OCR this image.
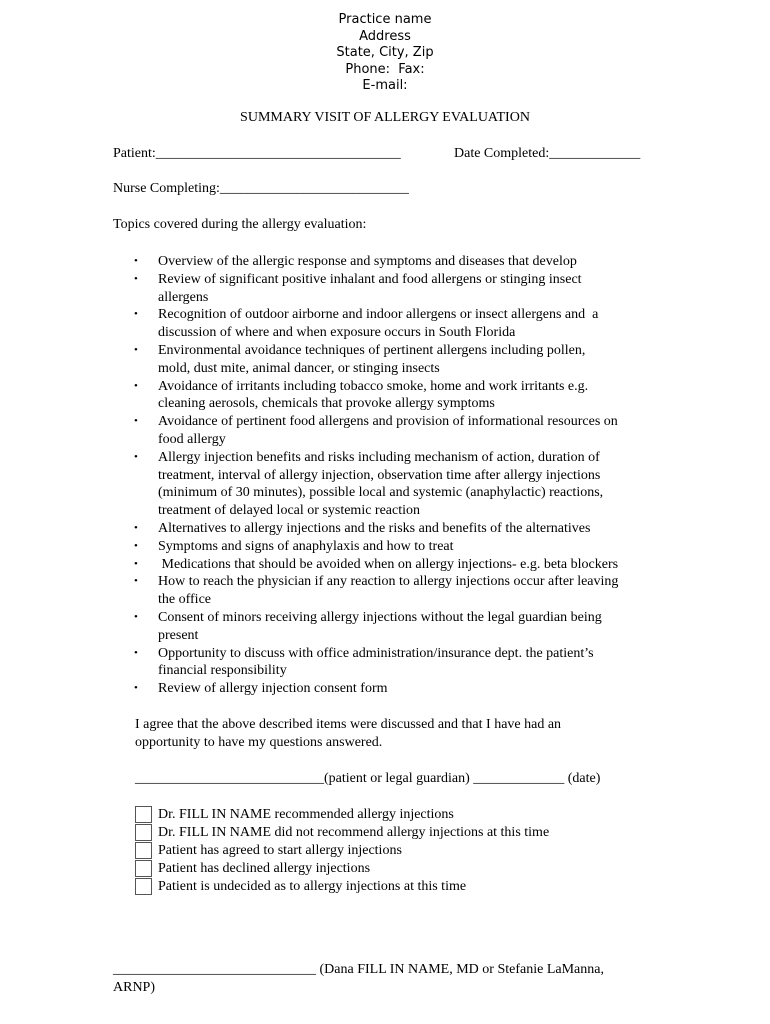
Practice name
Address
State, City, Zip
Phone:  Fax:
E-mail:
SUMMARY VISIT OF ALLERGY EVALUATION
Patient:___________________________________	Date Completed:_____________
Nurse Completing:___________________________
Topics covered during the allergy evaluation:
• Overview of the allergic response and symptoms and diseases that develop
• Review of significant positive inhalant and food allergens or stinging insect
allergens
• Recognition of outdoor airborne and indoor allergens or insect allergens and  a
discussion of where and when exposure occurs in South Florida
• Environmental avoidance techniques of pertinent allergens including pollen,
mold, dust mite, animal dancer, or stinging insects
• Avoidance of irritants including tobacco smoke, home and work irritants e.g.
cleaning aerosols, chemicals that provoke allergy symptoms
• Avoidance of pertinent food allergens and provision of informational resources on
food allergy
• Allergy injection benefits and risks including mechanism of action, duration of
treatment, interval of allergy injection, observation time after allergy injections
(minimum of 30 minutes), possible local and systemic (anaphylactic) reactions,
treatment of delayed local or systemic reaction
• Alternatives to allergy injections and the risks and benefits of the alternatives
• Symptoms and signs of anaphylaxis and how to treat
• Medications that should be avoided when on allergy injections- e.g. beta blockers
• How to reach the physician if any reaction to allergy injections occur after leaving
the office
• Consent of minors receiving allergy injections without the legal guardian being
present
• Opportunity to discuss with office administration/insurance dept. the patient’s
financial responsibility
• Review of allergy injection consent form
I agree that the above described items were discussed and that I have had an
opportunity to have my questions answered.
___________________________(patient or legal guardian) _____________ (date)
Dr. FILL IN NAME recommended allergy injections
Dr. FILL IN NAME did not recommend allergy injections at this time
Patient has agreed to start allergy injections
Patient has declined allergy injections
Patient is undecided as to allergy injections at this time
_____________________________ (Dana FILL IN NAME, MD or Stefanie LaManna,
ARNP)
